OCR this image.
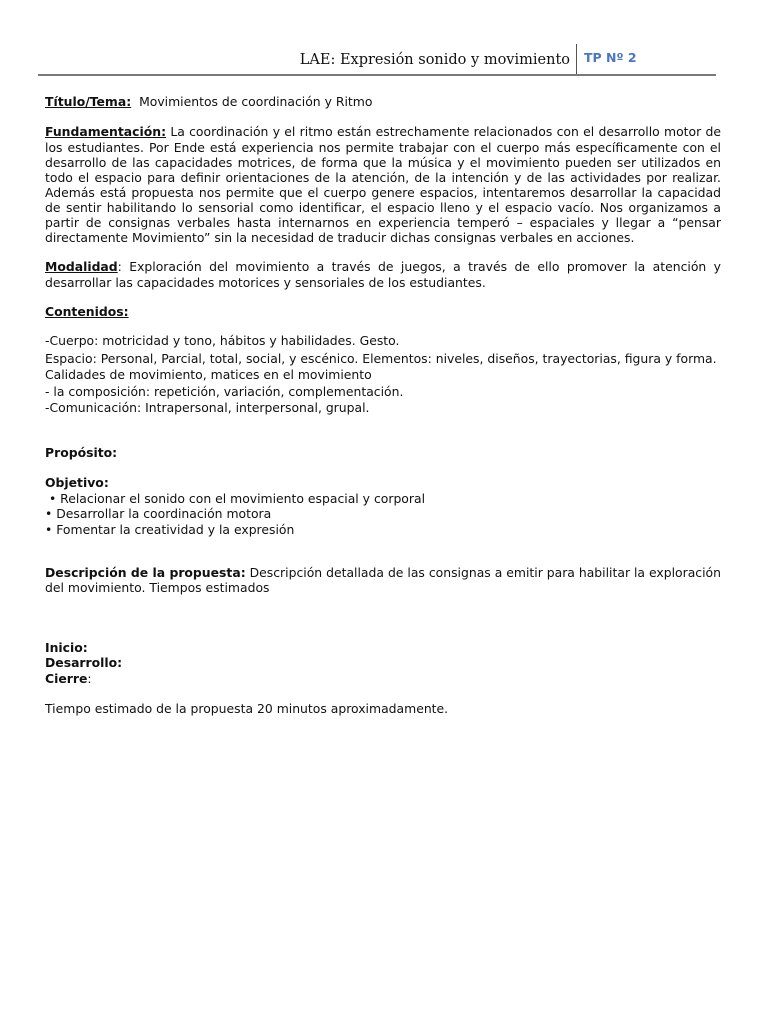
LAE: Expresión sonido y movimiento TP Nº 2

Título/Tema: Movimientos de coordinación y Ritmo

Fundamentación: La coordinación y el ritmo están estrechamente relacionados con el desarrollo motor de los estudiantes. Por Ende está experiencia nos permite trabajar con el cuerpo más específicamente con el desarrollo de las capacidades motrices, de forma que la música y el movimiento pueden ser utilizados en todo el espacio para definir orientaciones de la atención, de la intención y de las actividades por realizar. Además está propuesta nos permite que el cuerpo genere espacios, intentaremos desarrollar la capacidad de sentir habilitando lo sensorial como identificar, el espacio lleno y el espacio vacío. Nos organizamos a partir de consignas verbales hasta internarnos en experiencia temperó – espaciales y llegar a “pensar directamente Movimiento” sin la necesidad de traducir dichas consignas verbales en acciones.

Modalidad: Exploración del movimiento a través de juegos, a través de ello promover la atención y desarrollar las capacidades motorices y sensoriales de los estudiantes.

Contenidos:

-Cuerpo: motricidad y tono, hábitos y habilidades. Gesto.

Espacio: Personal, Parcial, total, social, y escénico. Elementos: niveles, diseños, trayectorias, figura y forma.

Calidades de movimiento, matices en el movimiento

- la composición: repetición, variación, complementación.

-Comunicación: Intrapersonal, interpersonal, grupal.

Propósito:

Objetivo:

• Relacionar el sonido con el movimiento espacial y corporal

• Desarrollar la coordinación motora

• Fomentar la creatividad y la expresión

Descripción de la propuesta: Descripción detallada de las consignas a emitir para habilitar la exploración del movimiento. Tiempos estimados

Inicio:

Desarrollo:

Cierre:

Tiempo estimado de la propuesta 20 minutos aproximadamente.
